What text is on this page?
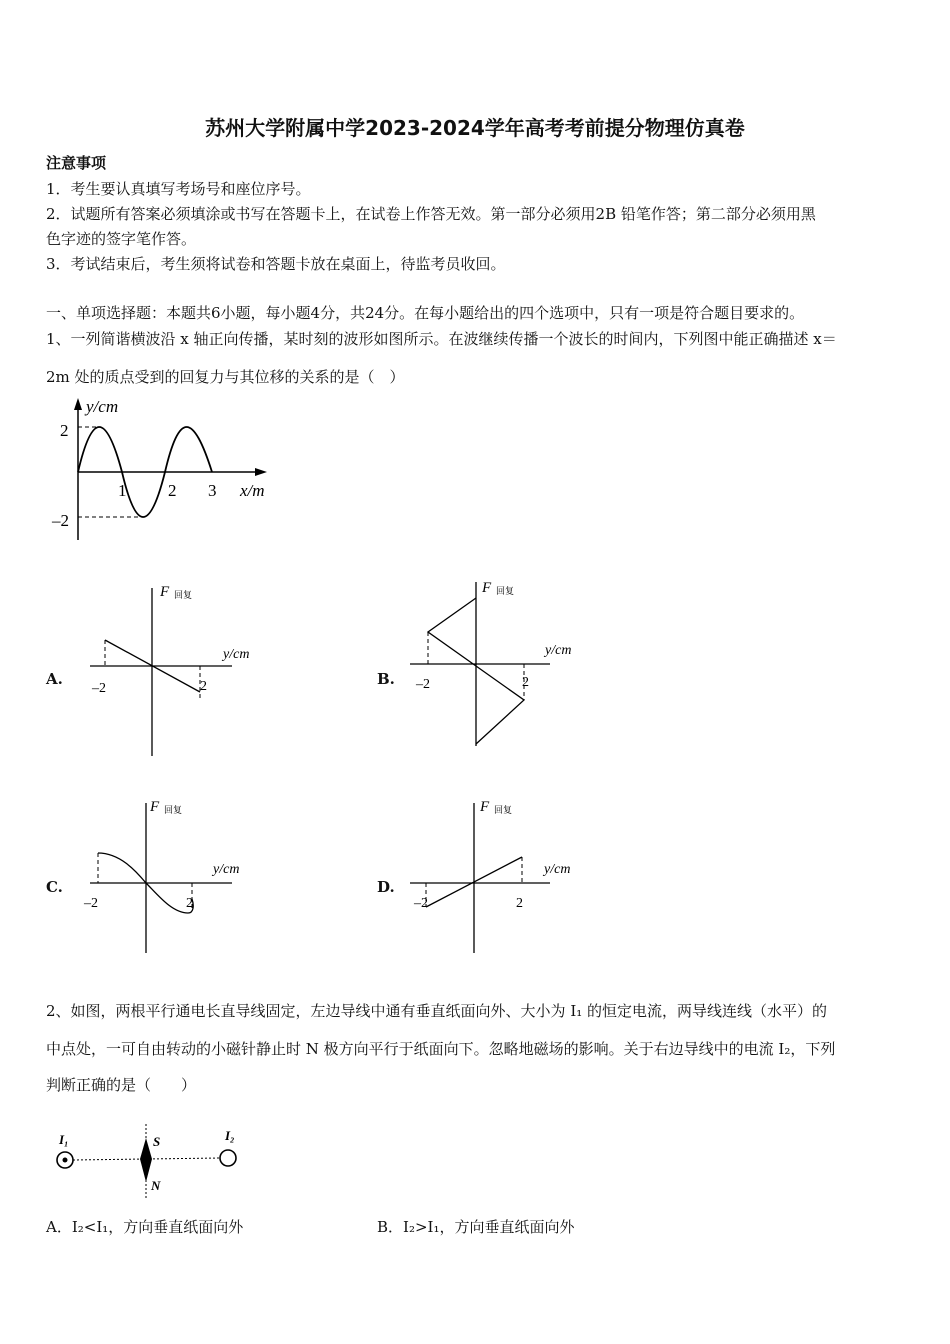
苏州大学附属中学2023-2024学年高考考前提分物理仿真卷
注意事项
1．考生要认真填写考场号和座位序号。
2．试题所有答案必须填涂或书写在答题卡上，在试卷上作答无效。第一部分必须用2B 铅笔作答；第二部分必须用黑
色字迹的签字笔作答。
3．考试结束后，考生须将试卷和答题卡放在桌面上，待监考员收回。
一、单项选择题：本题共6小题，每小题4分，共24分。在每小题给出的四个选项中，只有一项是符合题目要求的。
1、一列简谐横波沿 x 轴正向传播，某时刻的波形如图所示。在波继续传播一个波长的时间内，下列图中能正确描述 x＝
2m 处的质点受到的回复力与其位移的关系的是（　）
y/cm
2
–2
1 2 3 x/m
A.
F 回复
y/cm
–2	2	B.
F 回复
y/cm
–2	2
C.
F 回复
y/cm
–2	2
D.
F 回复
y/cm
–2	2
2、如图，两根平行通电长直导线固定，左边导线中通有垂直纸面向外、大小为 I₁ 的恒定电流，两导线连线（水平）的
中点处，一可自由转动的小磁针静止时 N 极方向平行于纸面向下。忽略地磁场的影响。关于右边导线中的电流 I₂，下列
判断正确的是（　　）
I₁	I₂
S
N
A．I₂<I₁，方向垂直纸面向外	B．I₂>I₁，方向垂直纸面向外
